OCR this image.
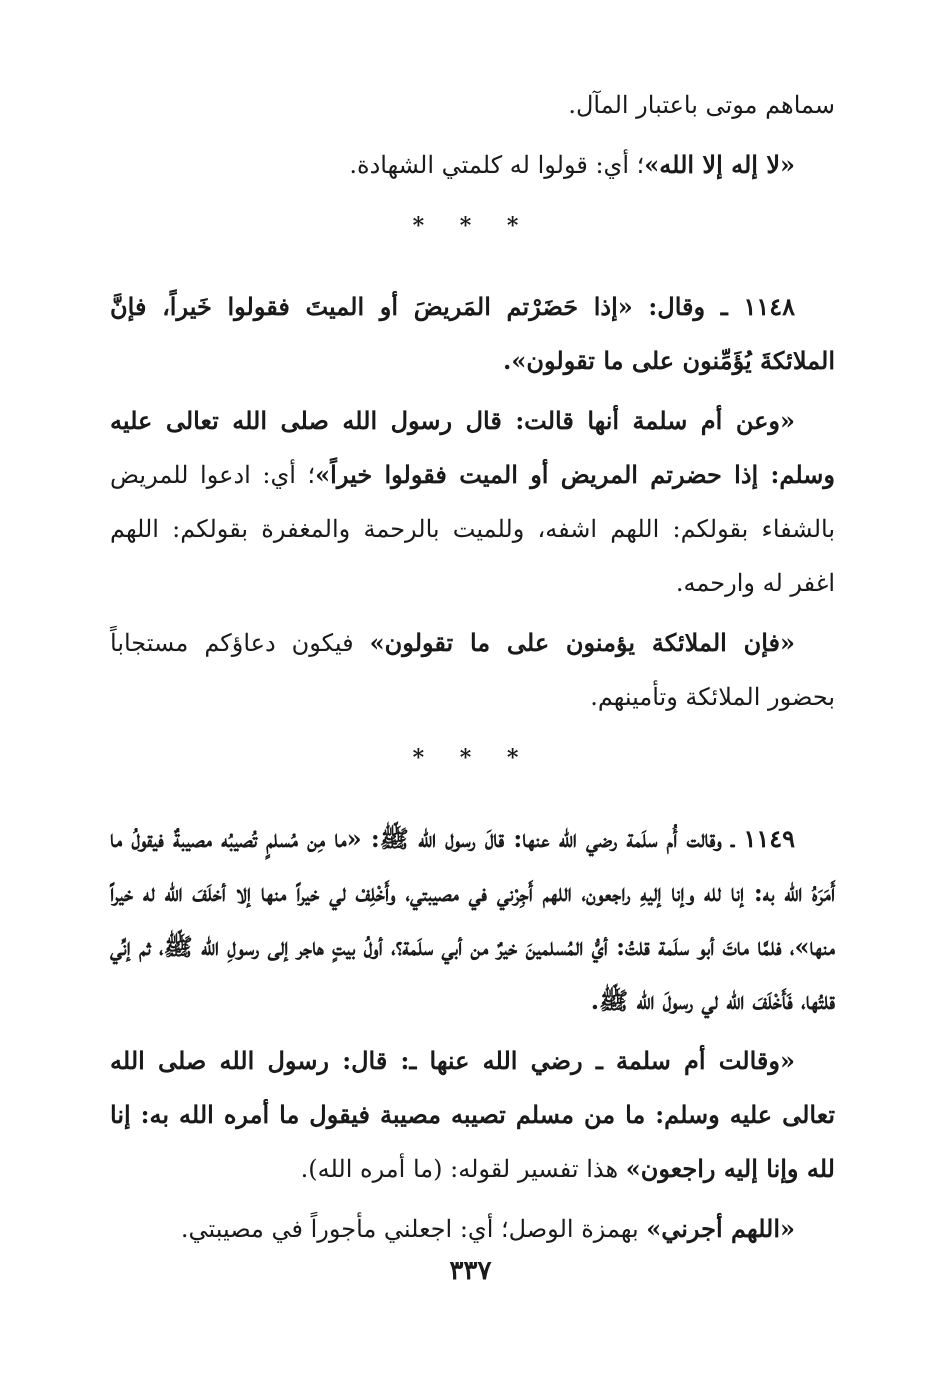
سماهم موتى باعتبار المآل.

«لا إله إلا الله»؛ أي: قولوا له كلمتي الشهادة.

* * *

١١٤٨ ـ وقال: «إذا حَضَرْتم المَريضَ أو الميتَ فقولوا خَيراً، فإنَّ الملائكةَ يُؤَمِّنون على ما تقولون».

«وعن أم سلمة أنها قالت: قال رسول الله صلى الله تعالى عليه وسلم: إذا حضرتم المريض أو الميت فقولوا خيراً»؛ أي: ادعوا للمريض بالشفاء بقولكم: اللهم اشفه، وللميت بالرحمة والمغفرة بقولكم: اللهم اغفر له وارحمه.

«فإن الملائكة يؤمنون على ما تقولون» فيكون دعاؤكم مستجاباً بحضور الملائكة وتأمينهم.

* * *

١١٤٩ ـ وقالت أُم سلَمة رضي الله عنها: قالَ رسول الله ﷺ: «ما مِن مُسلمٍ تُصيبُه مصيبةٌ فيقولُ ما أَمَرَهُ الله به: إنا لله وإنا إليهِ راجعون، اللهم أَجِرْني في مصيبتي، وأَخْلِفْ لي خيراً منها إلا أخلَفَ الله له خيراً منها»، فلمَّا ماتَ أبو سلَمة قلتُ: أيُّ المُسلمينَ خيرٌ من أبي سلَمة؟، أولُ بيتٍ هاجر إلى رسولِ الله ﷺ، ثم إنِّي قلتُها، فَأَخْلَفَ الله لي رسولَ الله ﷺ.

«وقالت أم سلمة ـ رضي الله عنها ـ: قال: رسول الله صلى الله تعالى عليه وسلم: ما من مسلم تصيبه مصيبة فيقول ما أمره الله به: إنا لله وإنا إليه راجعون» هذا تفسير لقوله: (ما أمره الله).

«اللهم أجرني» بهمزة الوصل؛ أي: اجعلني مأجوراً في مصيبتي.

٣٣٧
